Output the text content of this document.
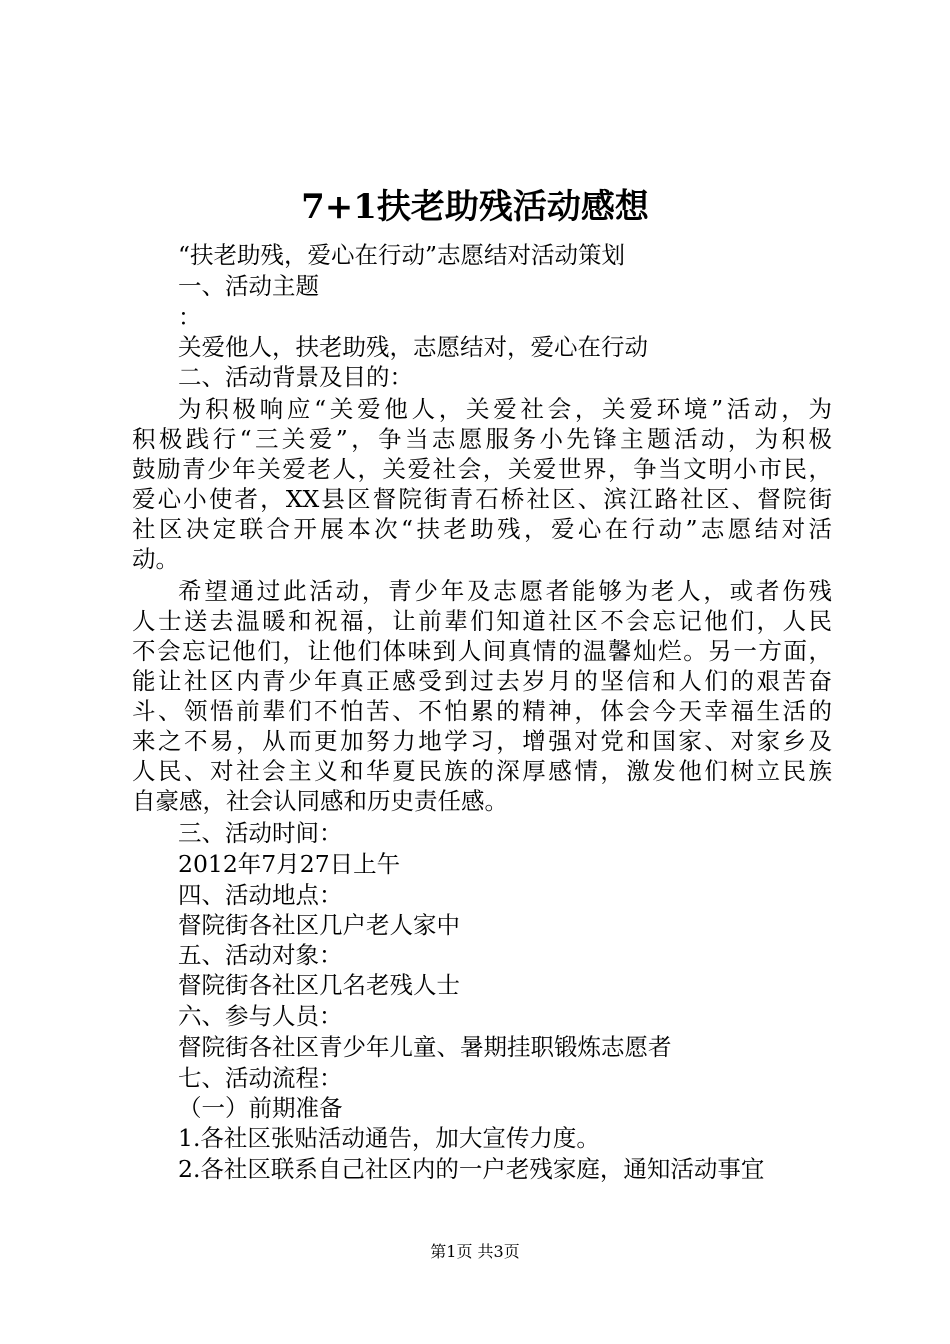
7+1扶老助残活动感想
“扶老助残，爱心在行动”志愿结对活动策划
一、活动主题
：
关爱他人，扶老助残，志愿结对，爱心在行动
二、活动背景及目的：
为积极响应“关爱他人，关爱社会，关爱环境”活动，为
积极践行“三关爱”，争当志愿服务小先锋主题活动，为积极
鼓励青少年关爱老人，关爱社会，关爱世界，争当文明小市民，
爱心小使者，XX县区督院街青石桥社区、滨江路社区、督院街
社区决定联合开展本次“扶老助残，爱心在行动”志愿结对活
动。
希望通过此活动，青少年及志愿者能够为老人，或者伤残
人士送去温暖和祝福，让前辈们知道社区不会忘记他们，人民
不会忘记他们，让他们体味到人间真情的温馨灿烂。另一方面，
能让社区内青少年真正感受到过去岁月的坚信和人们的艰苦奋
斗、领悟前辈们不怕苦、不怕累的精神，体会今天幸福生活的
来之不易，从而更加努力地学习，增强对党和国家、对家乡及
人民、对社会主义和华夏民族的深厚感情，激发他们树立民族
自豪感，社会认同感和历史责任感。
三、活动时间：
2012年7月27日上午
四、活动地点：
督院街各社区几户老人家中
五、活动对象：
督院街各社区几名老残人士
六、参与人员：
督院街各社区青少年儿童、暑期挂职锻炼志愿者
七、活动流程：
（一）前期准备
1.各社区张贴活动通告，加大宣传力度。
2.各社区联系自己社区内的一户老残家庭，通知活动事宜
第1页 共3页
